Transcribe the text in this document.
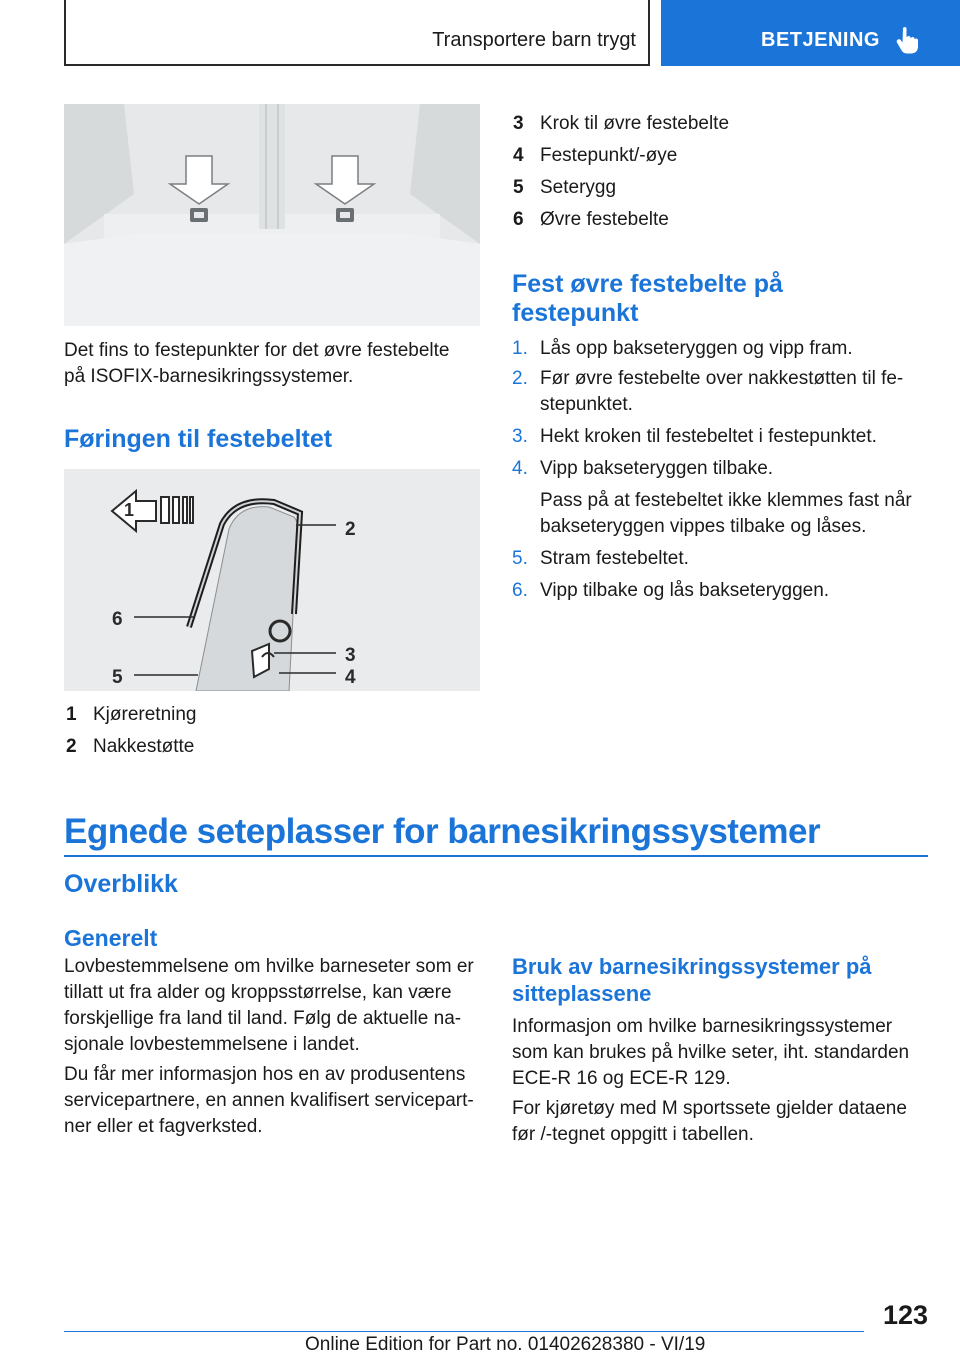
Transportere barn trygt	BETJENING
Det fins to festepunkter for det øvre festebelte på ISOFIX-barnesikringssystemer.
Føringen til festebeltet
1
2
3
4
5
6
1 Kjøreretning
2 Nakkestøtte
3 Krok til øvre festebelte
4 Festepunkt/-øye
5 Seterygg
6 Øvre festebelte
Fest øvre festebelte på
festepunkt
1. Lås opp bakseteryggen og vipp fram.
2. Før øvre festebelte over nakkestøtten til fe-stepunktet.
3. Hekt kroken til festebeltet i festepunktet.
4. Vipp bakseteryggen tilbake.
Pass på at festebeltet ikke klemmes fast når bakseteryggen vippes tilbake og låses.
5. Stram festebeltet.
6. Vipp tilbake og lås bakseteryggen.
Egnede seteplasser for barnesikringssystemer
Overblikk
Generelt
Lovbestemmelsene om hvilke barneseter som er tillatt ut fra alder og kroppsstørrelse, kan være forskjellige fra land til land. Følg de aktuelle na-sjonale lovbestemmelsene i landet.
Du får mer informasjon hos en av produsentens servicepartnere, en annen kvalifisert servicepart-ner eller et fagverksted.
Bruk av barnesikringssystemer på sitteplassene
Informasjon om hvilke barnesikringssystemer som kan brukes på hvilke seter, iht. standarden ECE-R 16 og ECE-R 129.
For kjøretøy med M sportssete gjelder dataene før /-tegnet oppgitt i tabellen.
123
Online Edition for Part no. 01402628380 - VI/19
